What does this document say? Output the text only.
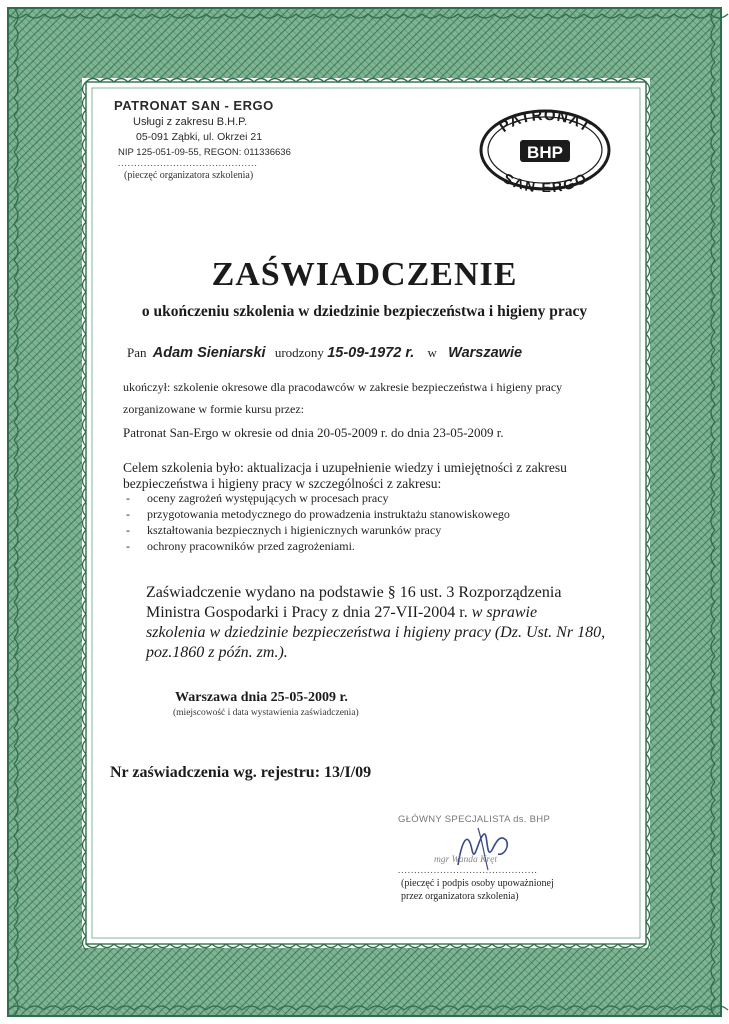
PATRONAT SAN - ERGO
Usługi z zakresu B.H.P.
05-091 Ząbki, ul. Okrzei 21
NIP 125-051-09-55, REGON: 011336636
...........................................
(pieczęć organizatora szkolenia)
PATRONAT
SAN-ERGO
BHP
ZAŚWIADCZENIE
o ukończeniu szkolenia w dziedzinie bezpieczeństwa i higieny pracy
Pan Adam Sieniarski urodzony 15-09-1972 r. w Warszawie
ukończył: szkolenie okresowe dla pracodawców w zakresie bezpieczeństwa i higieny pracy
zorganizowane w formie kursu przez:
Patronat San-Ergo w okresie od dnia 20-05-2009 r. do dnia 23-05-2009 r.
Celem szkolenia było: aktualizacja i uzupełnienie wiedzy i umiejętności z zakresu
bezpieczeństwa i higieny pracy w szczególności z zakresu:
- oceny zagrożeń występujących w procesach pracy
- przygotowania metodycznego do prowadzenia instruktażu stanowiskowego
- kształtowania bezpiecznych i higienicznych warunków pracy
- ochrony pracowników przed zagrożeniami.
Zaświadczenie wydano na podstawie § 16 ust. 3 Rozporządzenia
Ministra Gospodarki i Pracy z dnia 27-VII-2004 r. w sprawie
szkolenia w dziedzinie bezpieczeństwa i higieny pracy (Dz. Ust. Nr 180,
poz.1860 z późn. zm.).
Warszawa dnia 25-05-2009 r.
(miejscowość i data wystawienia zaświadczenia)
Nr zaświadczenia wg. rejestru: 13/I/09
GŁÓWNY SPECJALISTA ds. BHP
mgr Wanda Kręt
...........................................
(pieczęć i podpis osoby upoważnionej
przez organizatora szkolenia)
